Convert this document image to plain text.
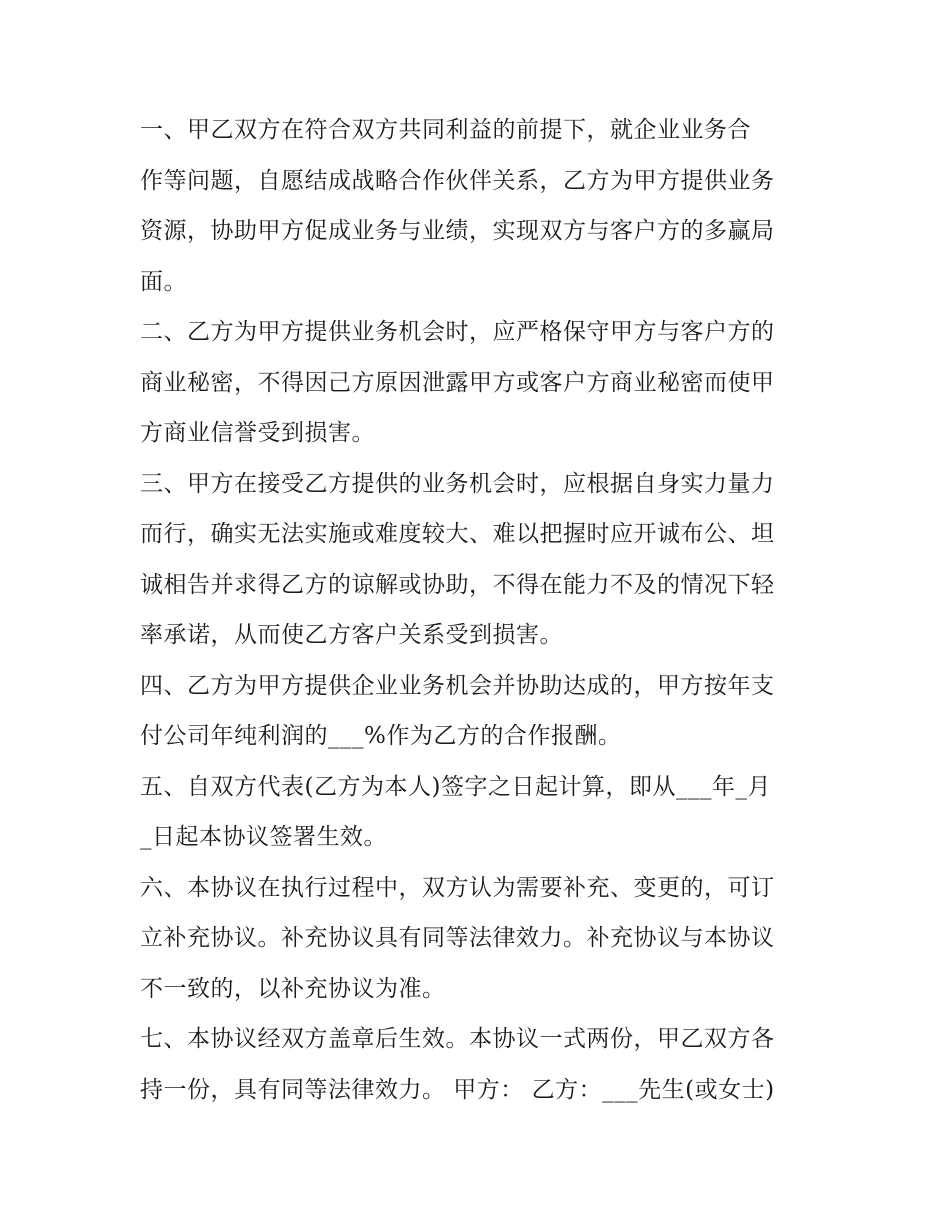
一、甲乙双方在符合双方共同利益的前提下，就企业业务合
作等问题，自愿结成战略合作伙伴关系，乙方为甲方提供业务
资源，协助甲方促成业务与业绩，实现双方与客户方的多赢局
面。
二、乙方为甲方提供业务机会时，应严格保守甲方与客户方的
商业秘密，不得因己方原因泄露甲方或客户方商业秘密而使甲
方商业信誉受到损害。
三、甲方在接受乙方提供的业务机会时，应根据自身实力量力
而行，确实无法实施或难度较大、难以把握时应开诚布公、坦
诚相告并求得乙方的谅解或协助，不得在能力不及的情况下轻
率承诺，从而使乙方客户关系受到损害。
四、乙方为甲方提供企业业务机会并协助达成的，甲方按年支
付公司年纯利润的___%作为乙方的合作报酬。
五、自双方代表(乙方为本人)签字之日起计算，即从___年_月
_日起本协议签署生效。
六、本协议在执行过程中，双方认为需要补充、变更的，可订
立补充协议。补充协议具有同等法律效力。补充协议与本协议
不一致的，以补充协议为准。
七、本协议经双方盖章后生效。本协议一式两份，甲乙双方各
持一份，具有同等法律效力。 甲方： 乙方：___先生(或女士)
